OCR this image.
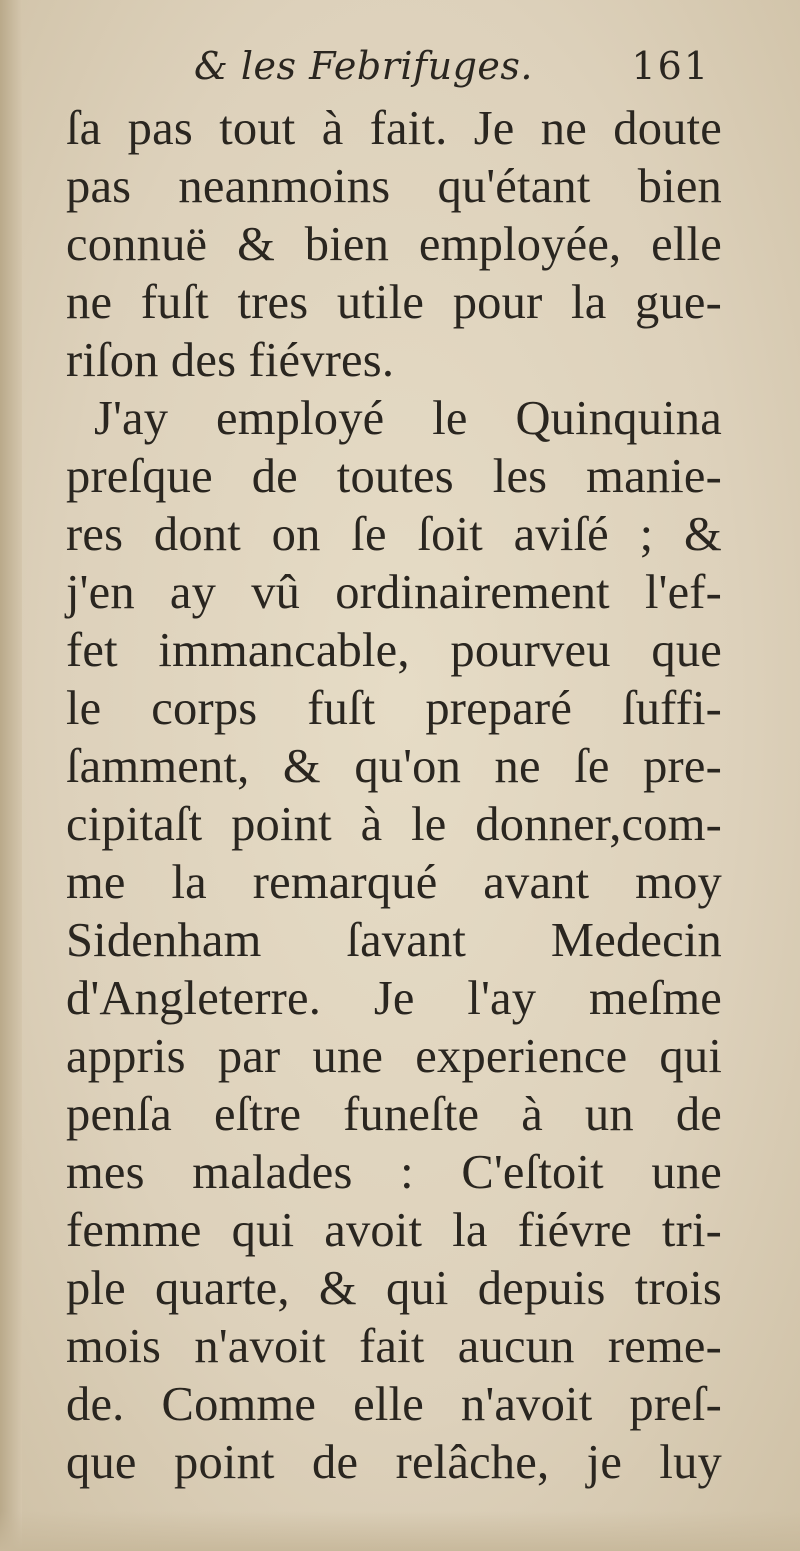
& les Febrifuges.	161
ſa pas tout à fait. Je ne doute
pas neanmoins qu'étant bien
connuë & bien employée, elle
ne fuſt tres utile pour la gue-
riſon des fiévres.
J'ay employé le Quinquina
preſque de toutes les manie-
res dont on ſe ſoit aviſé ; &
j'en ay vû ordinairement l'ef-
fet immancable, pourveu que
le corps fuſt preparé ſuffi-
ſamment, & qu'on ne ſe pre-
cipitaſt point à le donner,com-
me la remarqué avant moy
Sidenham ſavant Medecin
d'Angleterre. Je l'ay meſme
appris par une experience qui
penſa eſtre funeſte à un de
mes malades : C'eſtoit une
femme qui avoit la fiévre tri-
ple quarte, & qui depuis trois
mois n'avoit fait aucun reme-
de. Comme elle n'avoit preſ-
que point de relâche, je luy
